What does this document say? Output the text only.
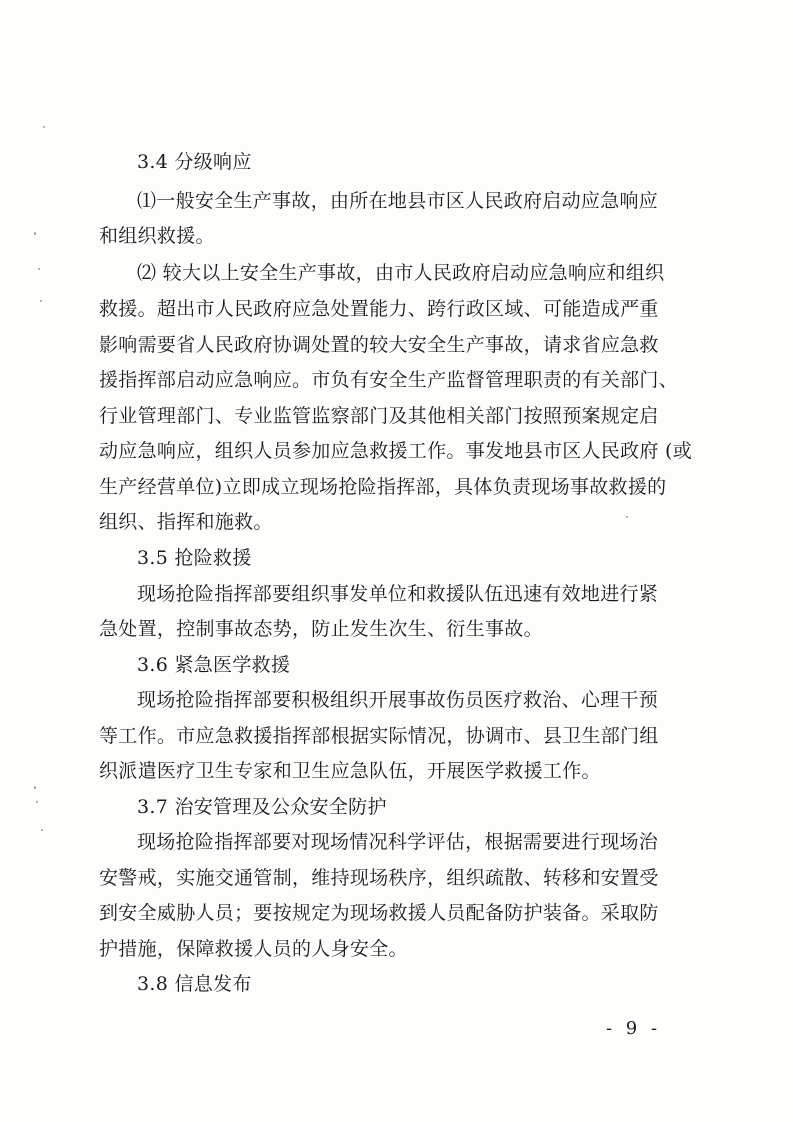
3.4 分级响应
⑴一般安全生产事故，由所在地县市区人民政府启动应急响应
和组织救援。
⑵ 较大以上安全生产事故，由市人民政府启动应急响应和组织
救援。超出市人民政府应急处置能力、跨行政区域、可能造成严重
影响需要省人民政府协调处置的较大安全生产事故，请求省应急救
援指挥部启动应急响应。市负有安全生产监督管理职责的有关部门、
行业管理部门、专业监管监察部门及其他相关部门按照预案规定启
动应急响应，组织人员参加应急救援工作。事发地县市区人民政府 (或
生产经营单位)立即成立现场抢险指挥部，具体负责现场事故救援的
组织、指挥和施救。
3.5 抢险救援
现场抢险指挥部要组织事发单位和救援队伍迅速有效地进行紧
急处置，控制事故态势，防止发生次生、衍生事故。
3.6 紧急医学救援
现场抢险指挥部要积极组织开展事故伤员医疗救治、心理干预
等工作。市应急救援指挥部根据实际情况，协调市、县卫生部门组
织派遣医疗卫生专家和卫生应急队伍，开展医学救援工作。
3.7 治安管理及公众安全防护
现场抢险指挥部要对现场情况科学评估，根据需要进行现场治
安警戒，实施交通管制，维持现场秩序，组织疏散、转移和安置受
到安全威胁人员；要按规定为现场救援人员配备防护装备。采取防
护措施，保障救援人员的人身安全。
3.8 信息发布
- 9 -
